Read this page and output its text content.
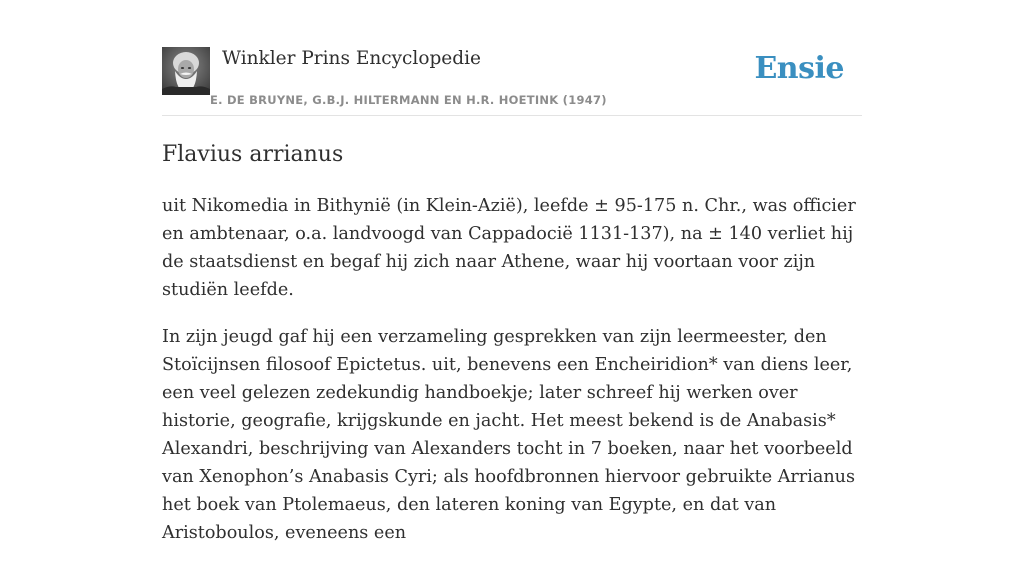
Winkler Prins Encyclopedie
E. DE BRUYNE, G.B.J. HILTERMANN EN H.R. HOETINK (1947)
Ensie
Flavius arrianus

uit Nikomedia in Bithynië (in Klein-Azië), leefde ± 95-175 n. Chr., was officier en ambtenaar, o.a. landvoogd van Cappadocië 1131-137), na ± 140 verliet hij de staatsdienst en begaf hij zich naar Athene, waar hij voortaan voor zijn studiën leefde.

In zijn jeugd gaf hij een verzameling gesprekken van zijn leermeester, den Stoïcijnsen filosoof Epictetus. uit, benevens een Encheiridion* van diens leer, een veel gelezen zedekundig handboekje; later schreef hij werken over historie, geografie, krijgskunde en jacht. Het meest bekend is de Anabasis* Alexandri, beschrijving van Alexanders tocht in 7 boeken, naar het voorbeeld van Xenophon’s Anabasis Cyri; als hoofdbronnen hiervoor gebruikte Arrianus het boek van Ptolemaeus, den lateren koning van Egypte, en dat van Aristoboulos, eveneens een
